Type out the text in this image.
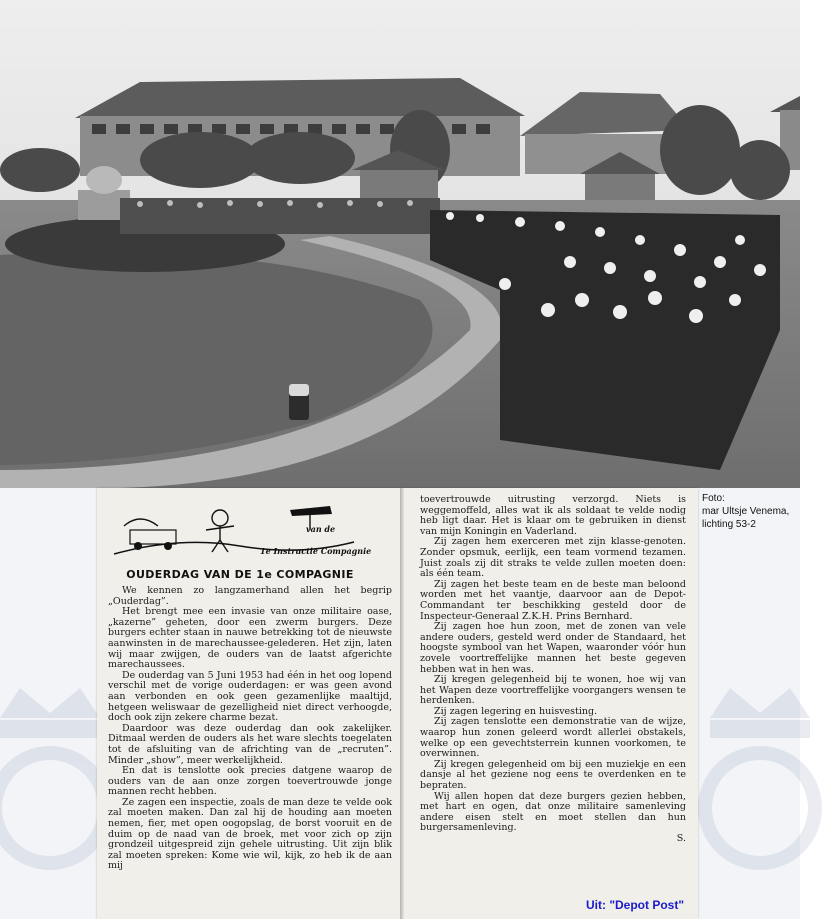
van de
1e Instructie Compagnie
OUDERDAG VAN DE 1e COMPAGNIE

We kennen zo langzamerhand allen het begrip „Ouderdag”.

Het brengt mee een invasie van onze militaire oase, „kazerne” geheten, door een zwerm burgers. Deze burgers echter staan in nauwe betrekking tot de nieuwste aanwinsten in de marechaussee-gelederen. Het zijn, laten wij maar zwijgen, de ouders van de laatst afgerichte marechaussees.

De ouderdag van 5 Juni 1953 had één in het oog lopend verschil met de vorige ouderdagen: er was geen avond aan verbonden en ook geen gezamenlijke maaltijd, hetgeen weliswaar de gezelligheid niet direct verhoogde, doch ook zijn zekere charme bezat.

Daardoor was deze ouderdag dan ook zakelijker. Ditmaal werden de ouders als het ware slechts toegelaten tot de afsluiting van de africhting van de „recruten”. Minder „show”, meer werkelijkheid.

En dat is tenslotte ook precies datgene waarop de ouders van de aan onze zorgen toevertrouwde jonge mannen recht hebben.

Ze zagen een inspectie, zoals de man deze te velde ook zal moeten maken. Dan zal hij de houding aan moeten nemen, fier, met open oogopslag, de borst vooruit en de duim op de naad van de broek, met voor zich op zijn grondzeil uitgespreid zijn gehele uitrusting. Uit zijn blik zal moeten spreken: Kome wie wil, kijk, zo heb ik de aan mij

toevertrouwde uitrusting verzorgd. Niets is weggemoffeld, alles wat ik als soldaat te velde nodig heb ligt daar. Het is klaar om te gebruiken in dienst van mijn Koningin en Vaderland.

Zij zagen hem exerceren met zijn klasse-genoten. Zonder opsmuk, eerlijk, een team vormend tezamen. Juist zoals zij dit straks te velde zullen moeten doen: als één team.

Zij zagen het beste team en de beste man beloond worden met het vaantje, daarvoor aan de Depot-Commandant ter beschikking gesteld door de Inspecteur-Generaal Z.K.H. Prins Bernhard.

Zij zagen hoe hun zoon, met de zonen van vele andere ouders, gesteld werd onder de Standaard, het hoogste symbool van het Wapen, waaronder vóór hun zovele voortreffelijke mannen het beste gegeven hebben wat in hen was.

Zij kregen gelegenheid bij te wonen, hoe wij van het Wapen deze voortreffelijke voorgangers wensen te herdenken.

Zij zagen legering en huisvesting.

Zij zagen tenslotte een demonstratie van de wijze, waarop hun zonen geleerd wordt allerlei obstakels, welke op een gevechtsterrein kunnen voorkomen, te overwinnen.

Zij kregen gelegenheid om bij een muziekje en een dansje al het geziene nog eens te overdenken en te bepraten.

Wij allen hopen dat deze burgers gezien hebben, met hart en ogen, dat onze militaire samenleving andere eisen stelt en moet stellen dan hun burgersamenleving.

S.

Foto:
mar Ultsje Venema,
lichting 53-2
Uit: "Depot Post"
